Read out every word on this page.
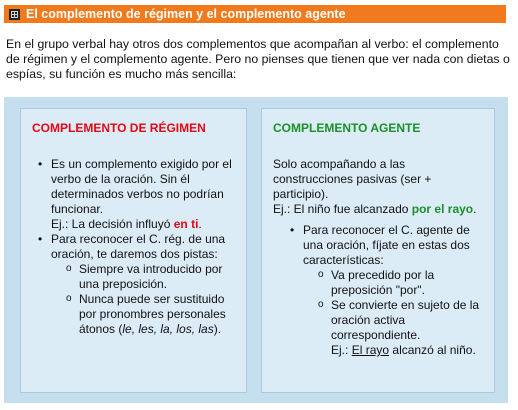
El complemento de régimen y el complemento agente
En el grupo verbal hay otros dos complementos que acompañan al verbo: el complemento de régimen y el complemento agente. Pero no pienses que tienen que ver nada con dietas o espías, su función es mucho más sencilla:
COMPLEMENTO DE RÉGIMEN
• Es un complemento exigido por el verbo de la oración. Sin él determinados verbos no podrían funcionar.
Ej.: La decisión influyó en ti.
• Para reconocer el C. rég. de una oración, te daremos dos pistas:
o Siempre va introducido por una preposición.
o Nunca puede ser sustituido por pronombres personales átonos (le, les, la, los, las).
COMPLEMENTO AGENTE
Solo acompañando a las construcciones pasivas (ser + participio).
Ej.: El niño fue alcanzado por el rayo.
• Para reconocer el C. agente de una oración, fíjate en estas dos características:
o Va precedido por la preposición "por".
o Se convierte en sujeto de la oración activa correspondiente.
Ej.: El rayo alcanzó al niño.
